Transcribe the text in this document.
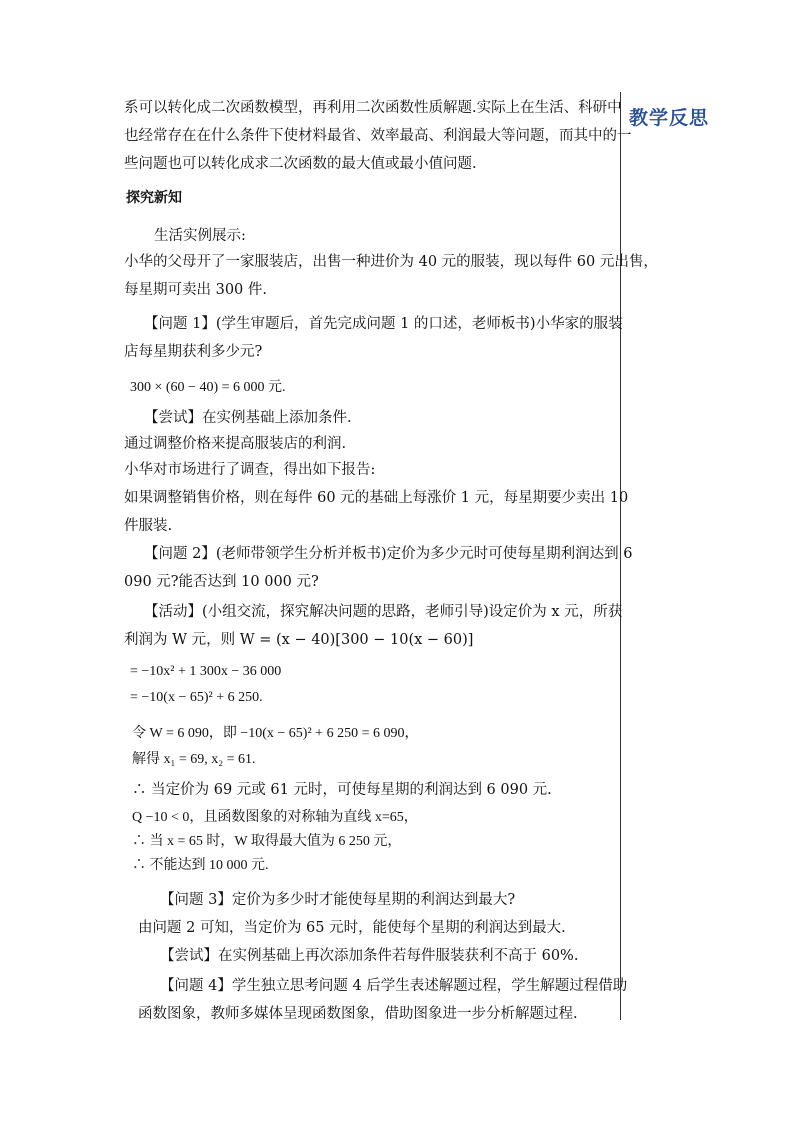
教学反思
系可以转化成二次函数模型，再利用二次函数性质解题.实际上在生活、科研中
也经常存在在什么条件下使材料最省、效率最高、利润最大等问题，而其中的一
些问题也可以转化成求二次函数的最大值或最小值问题.
探究新知
生活实例展示:
小华的父母开了一家服装店，出售一种进价为 40 元的服装，现以每件 60 元出售，
每星期可卖出 300 件.
【问题 1】(学生审题后，首先完成问题 1 的口述，老师板书)小华家的服装
店每星期获利多少元?
300 × (60 − 40) = 6 000 元.
【尝试】在实例基础上添加条件.
通过调整价格来提高服装店的利润.
小华对市场进行了调查，得出如下报告:
如果调整销售价格，则在每件 60 元的基础上每涨价 1 元，每星期要少卖出 10
件服装.
【问题 2】(老师带领学生分析并板书)定价为多少元时可使每星期利润达到 6
090 元?能否达到 10 000 元?
【活动】(小组交流，探究解决问题的思路，老师引导)设定价为 x 元，所获
利润为 W 元，则 W = (x − 40)[300 − 10(x − 60)]
= −10x² + 1 300x − 36 000
= −10(x − 65)² + 6 250.
令 W = 6 090，即 −10(x − 65)² + 6 250 = 6 090，
解得 x₁ = 69, x₂ = 61.
∴ 当定价为 69 元或 61 元时，可使每星期的利润达到 6 090 元.
Q −10 < 0，且函数图象的对称轴为直线 x=65，
∴ 当 x = 65 时，W 取得最大值为 6 250 元，
∴ 不能达到 10 000 元.
【问题 3】定价为多少时才能使每星期的利润达到最大?
由问题 2 可知，当定价为 65 元时，能使每个星期的利润达到最大.
【尝试】在实例基础上再次添加条件若每件服装获利不高于 60%.
【问题 4】学生独立思考问题 4 后学生表述解题过程，学生解题过程借助
函数图象，教师多媒体呈现函数图象，借助图象进一步分析解题过程.
